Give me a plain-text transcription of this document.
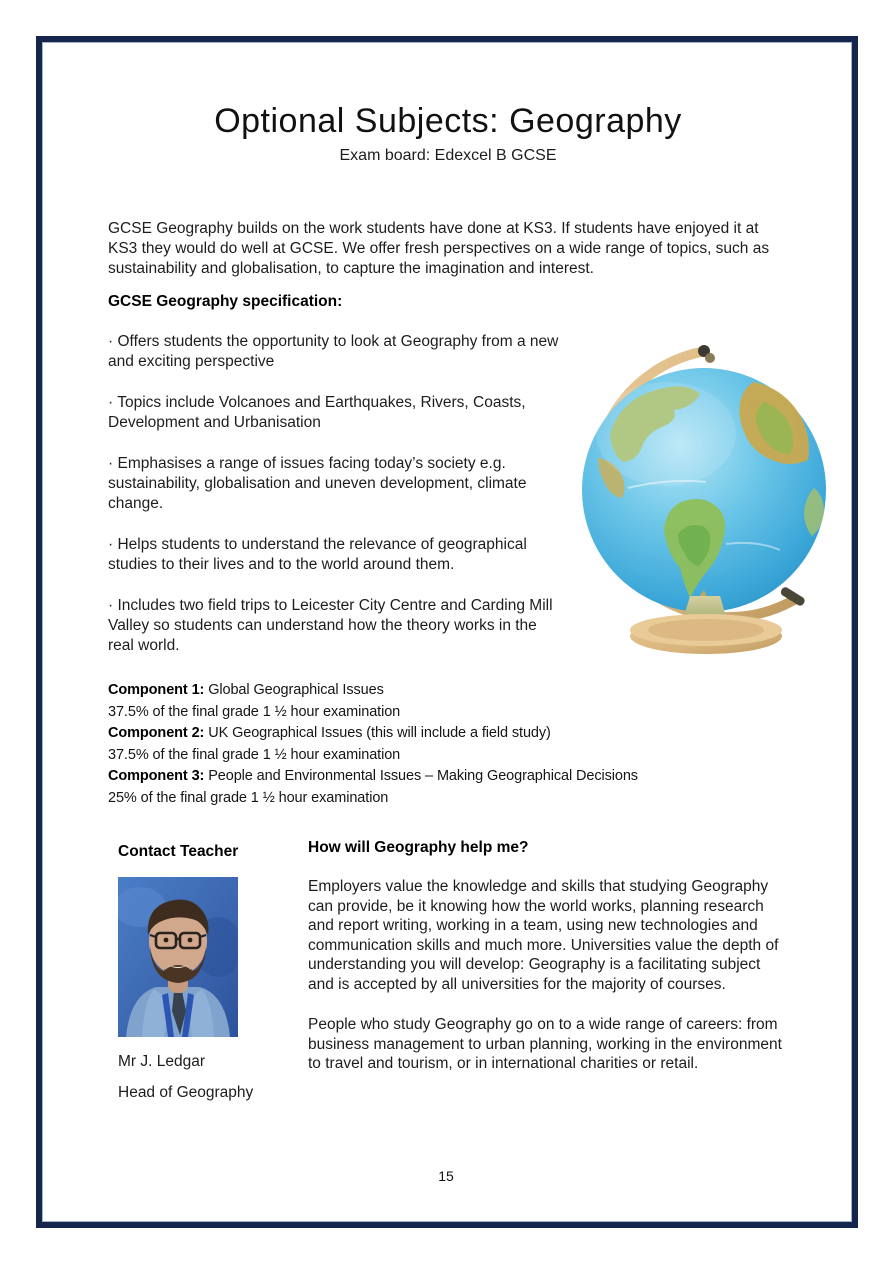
Optional Subjects: Geography
Exam board: Edexcel B GCSE

GCSE Geography builds on the work students have done at KS3. If students have enjoyed it at KS3 they would do well at GCSE. We offer fresh perspectives on a wide range of topics, such as sustainability and globalisation, to capture the imagination and interest.

GCSE Geography specification:

· Offers students the opportunity to look at Geography from a new and exciting perspective

· Topics include Volcanoes and Earthquakes, Rivers, Coasts, Development and Urbanisation

· Emphasises a range of issues facing today’s society e.g. sustainability, globalisation and uneven development, climate change.

· Helps students to understand the relevance of geographical studies to their lives and to the world around them.

· Includes two field trips to Leicester City Centre and Carding Mill Valley so students can understand how the theory works in the real world.

Component 1: Global Geographical Issues
37.5% of the final grade 1 ½ hour examination
Component 2: UK Geographical Issues (this will include a field study)
37.5% of the final grade 1 ½ hour examination
Component 3: People and Environmental Issues – Making Geographical Decisions
25% of the final grade 1 ½ hour examination
Contact Teacher
Mr J. Ledgar
Head of Geography
How will Geography help me?

Employers value the knowledge and skills that studying Geography can provide, be it knowing how the world works, planning research and report writing, working in a team, using new technologies and communication skills and much more. Universities value the depth of understanding you will develop: Geography is a facilitating subject and is accepted by all universities for the majority of courses.

People who study Geography go on to a wide range of careers: from business management to urban planning, working in the environment to travel and tourism, or in international charities or retail.

15
